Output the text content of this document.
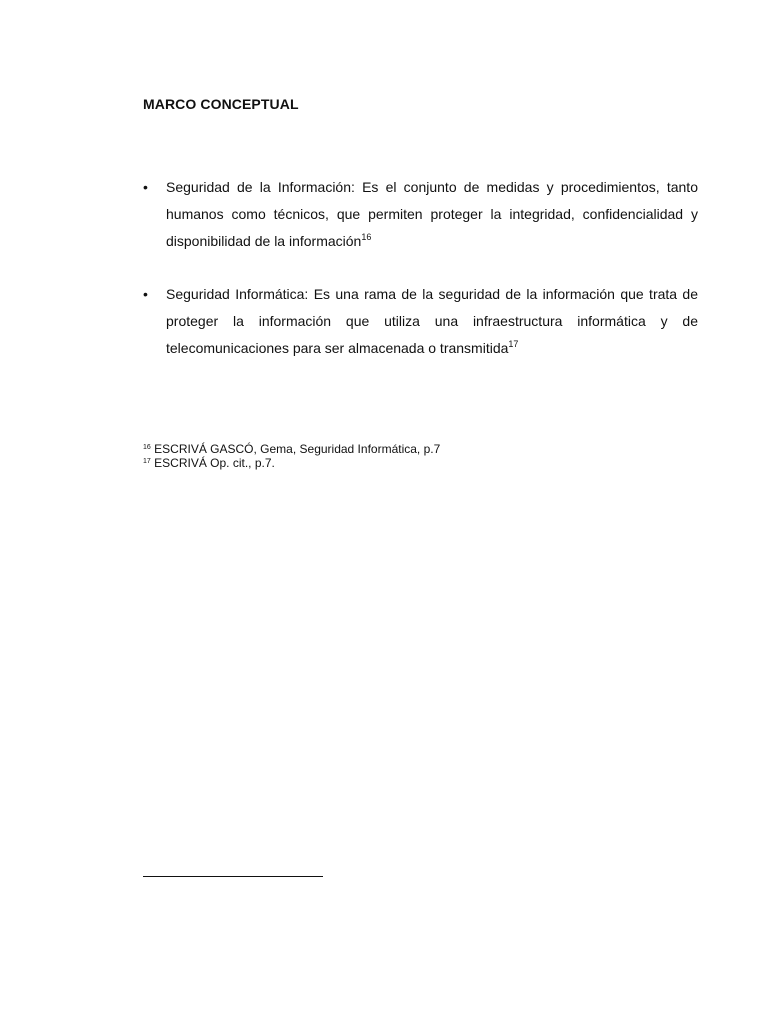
MARCO CONCEPTUAL
• Seguridad de la Información: Es el conjunto de medidas y procedimientos, tanto humanos como técnicos, que permiten proteger la integridad, confidencialidad y disponibilidad de la información$^{16}$
• Seguridad Informática: Es una rama de la seguridad de la información que trata de proteger la información que utiliza una infraestructura informática y de telecomunicaciones para ser almacenada o transmitida$^{17}$
$^{16}$ ESCRIVÁ GASCÓ, Gema, Seguridad Informática, p.7
$^{17}$ ESCRIVÁ Op. cit., p.7.
